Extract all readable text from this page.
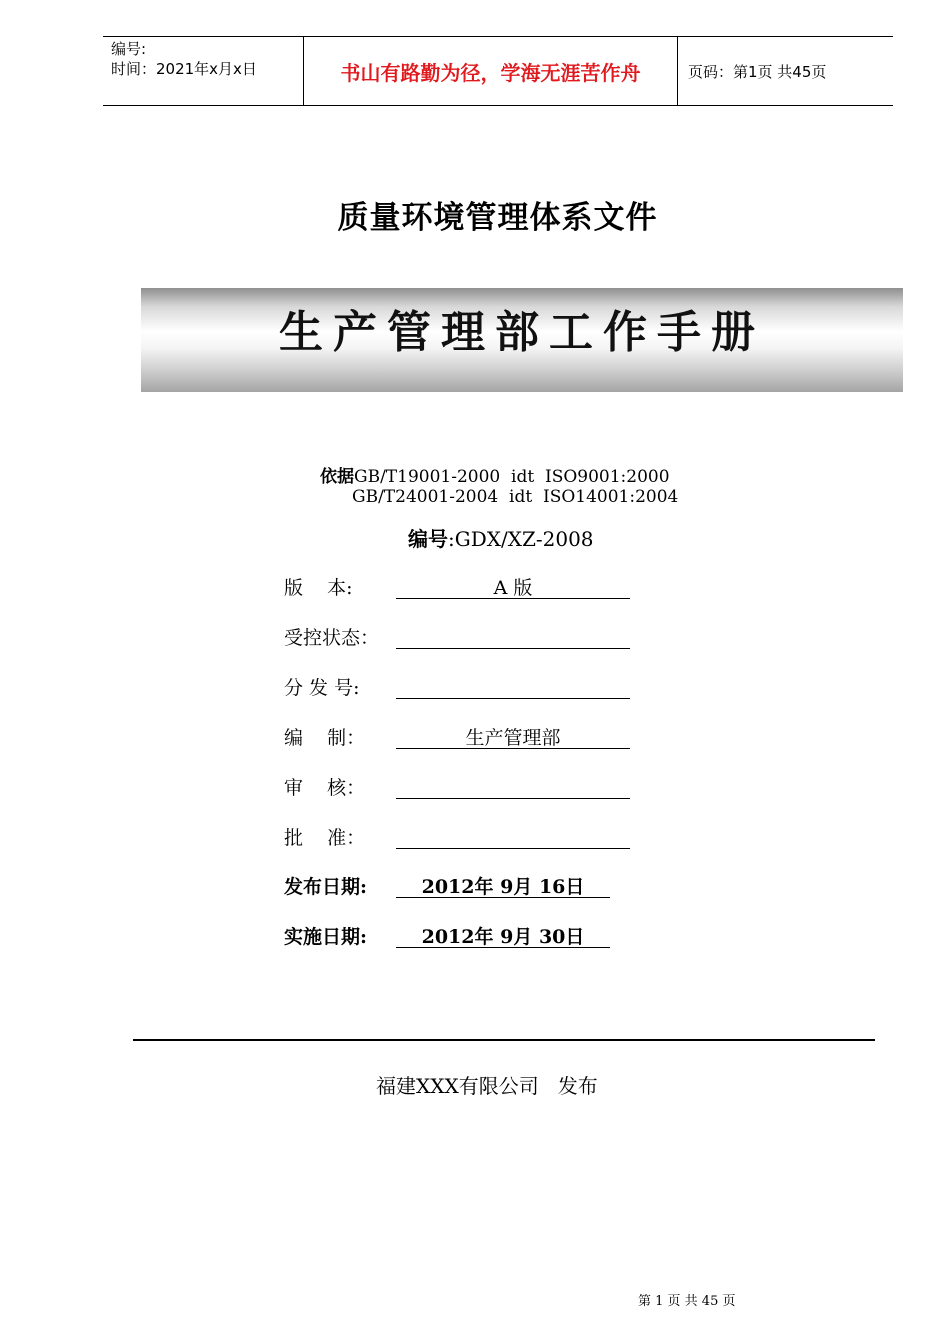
编号:
时间：2021年x月x日	书山有路勤为径，学海无涯苦作舟	页码：第1页 共45页
质量环境管理体系文件
生产管理部工作手册
依据GB/T19001-2000  idt  ISO9001:2000
GB/T24001-2004  idt  ISO14001:2004
编号:GDX/XZ-2008
版    本:	A 版
受控状态：
分 发 号:
编    制：	生产管理部
审    核：
批    准：
发布日期:	2012年 9月 16日
实施日期:	2012年 9月 30日
福建XXX有限公司   发布
第 1 页 共 45 页
